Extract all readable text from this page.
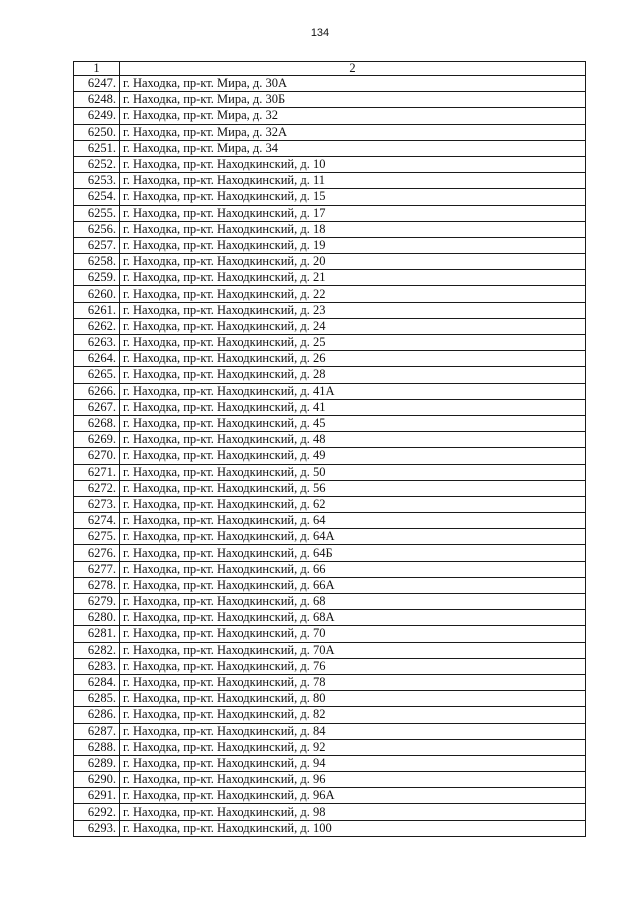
134
1	2
6247.	г. Находка, пр-кт. Мира, д. 30А
6248.	г. Находка, пр-кт. Мира, д. 30Б
6249.	г. Находка, пр-кт. Мира, д. 32
6250.	г. Находка, пр-кт. Мира, д. 32А
6251.	г. Находка, пр-кт. Мира, д. 34
6252.	г. Находка, пр-кт. Находкинский, д. 10
6253.	г. Находка, пр-кт. Находкинский, д. 11
6254.	г. Находка, пр-кт. Находкинский, д. 15
6255.	г. Находка, пр-кт. Находкинский, д. 17
6256.	г. Находка, пр-кт. Находкинский, д. 18
6257.	г. Находка, пр-кт. Находкинский, д. 19
6258.	г. Находка, пр-кт. Находкинский, д. 20
6259.	г. Находка, пр-кт. Находкинский, д. 21
6260.	г. Находка, пр-кт. Находкинский, д. 22
6261.	г. Находка, пр-кт. Находкинский, д. 23
6262.	г. Находка, пр-кт. Находкинский, д. 24
6263.	г. Находка, пр-кт. Находкинский, д. 25
6264.	г. Находка, пр-кт. Находкинский, д. 26
6265.	г. Находка, пр-кт. Находкинский, д. 28
6266.	г. Находка, пр-кт. Находкинский, д. 41А
6267.	г. Находка, пр-кт. Находкинский, д. 41
6268.	г. Находка, пр-кт. Находкинский, д. 45
6269.	г. Находка, пр-кт. Находкинский, д. 48
6270.	г. Находка, пр-кт. Находкинский, д. 49
6271.	г. Находка, пр-кт. Находкинский, д. 50
6272.	г. Находка, пр-кт. Находкинский, д. 56
6273.	г. Находка, пр-кт. Находкинский, д. 62
6274.	г. Находка, пр-кт. Находкинский, д. 64
6275.	г. Находка, пр-кт. Находкинский, д. 64А
6276.	г. Находка, пр-кт. Находкинский, д. 64Б
6277.	г. Находка, пр-кт. Находкинский, д. 66
6278.	г. Находка, пр-кт. Находкинский, д. 66А
6279.	г. Находка, пр-кт. Находкинский, д. 68
6280.	г. Находка, пр-кт. Находкинский, д. 68А
6281.	г. Находка, пр-кт. Находкинский, д. 70
6282.	г. Находка, пр-кт. Находкинский, д. 70А
6283.	г. Находка, пр-кт. Находкинский, д. 76
6284.	г. Находка, пр-кт. Находкинский, д. 78
6285.	г. Находка, пр-кт. Находкинский, д. 80
6286.	г. Находка, пр-кт. Находкинский, д. 82
6287.	г. Находка, пр-кт. Находкинский, д. 84
6288.	г. Находка, пр-кт. Находкинский, д. 92
6289.	г. Находка, пр-кт. Находкинский, д. 94
6290.	г. Находка, пр-кт. Находкинский, д. 96
6291.	г. Находка, пр-кт. Находкинский, д. 96А
6292.	г. Находка, пр-кт. Находкинский, д. 98
6293.	г. Находка, пр-кт. Находкинский, д. 100
